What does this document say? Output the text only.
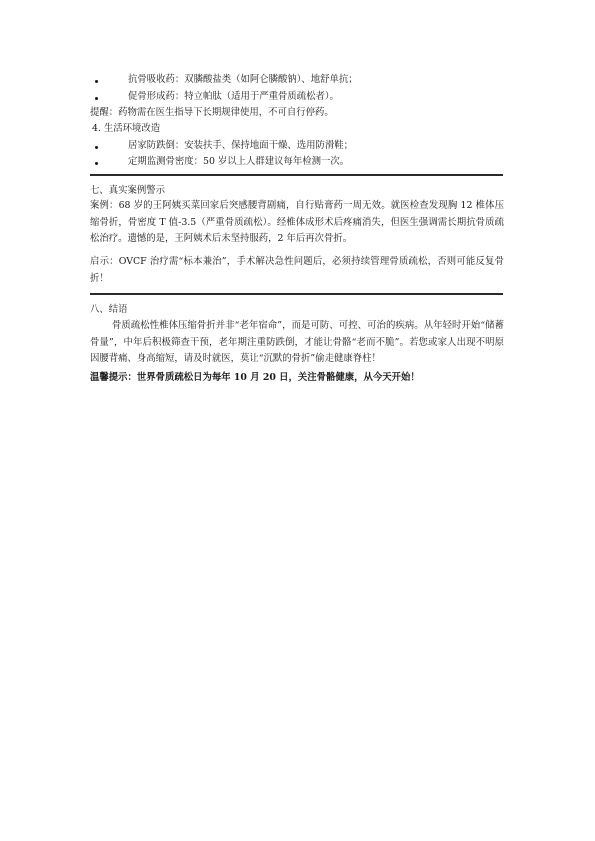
抗骨吸收药：双膦酸盐类（如阿仑膦酸钠）、地舒单抗；
促骨形成药：特立帕肽（适用于严重骨质疏松者）。
提醒：药物需在医生指导下长期规律使用，不可自行停药。
4. 生活环境改造
居家防跌倒：安装扶手、保持地面干燥、选用防滑鞋；
定期监测骨密度：50 岁以上人群建议每年检测一次。
七、真实案例警示
案例：68 岁的王阿姨买菜回家后突感腰背剧痛，自行贴膏药一周无效。就医检查发现胸 12 椎体压缩骨折，骨密度 T 值-3.5（严重骨质疏松）。经椎体成形术后疼痛消失，但医生强调需长期抗骨质疏松治疗。遗憾的是，王阿姨术后未坚持服药，2 年后再次骨折。
启示：OVCF 治疗需“标本兼治”，手术解决急性问题后，必须持续管理骨质疏松，否则可能反复骨折！
八、结语
骨质疏松性椎体压缩骨折并非“老年宿命”，而是可防、可控、可治的疾病。从年轻时开始“储蓄骨量”，中年后积极筛查干预，老年期注重防跌倒，才能让骨骼“老而不脆”。若您或家人出现不明原因腰背痛、身高缩短，请及时就医，莫让“沉默的骨折”偷走健康脊柱！
温馨提示：世界骨质疏松日为每年 10 月 20 日，关注骨骼健康，从今天开始！
